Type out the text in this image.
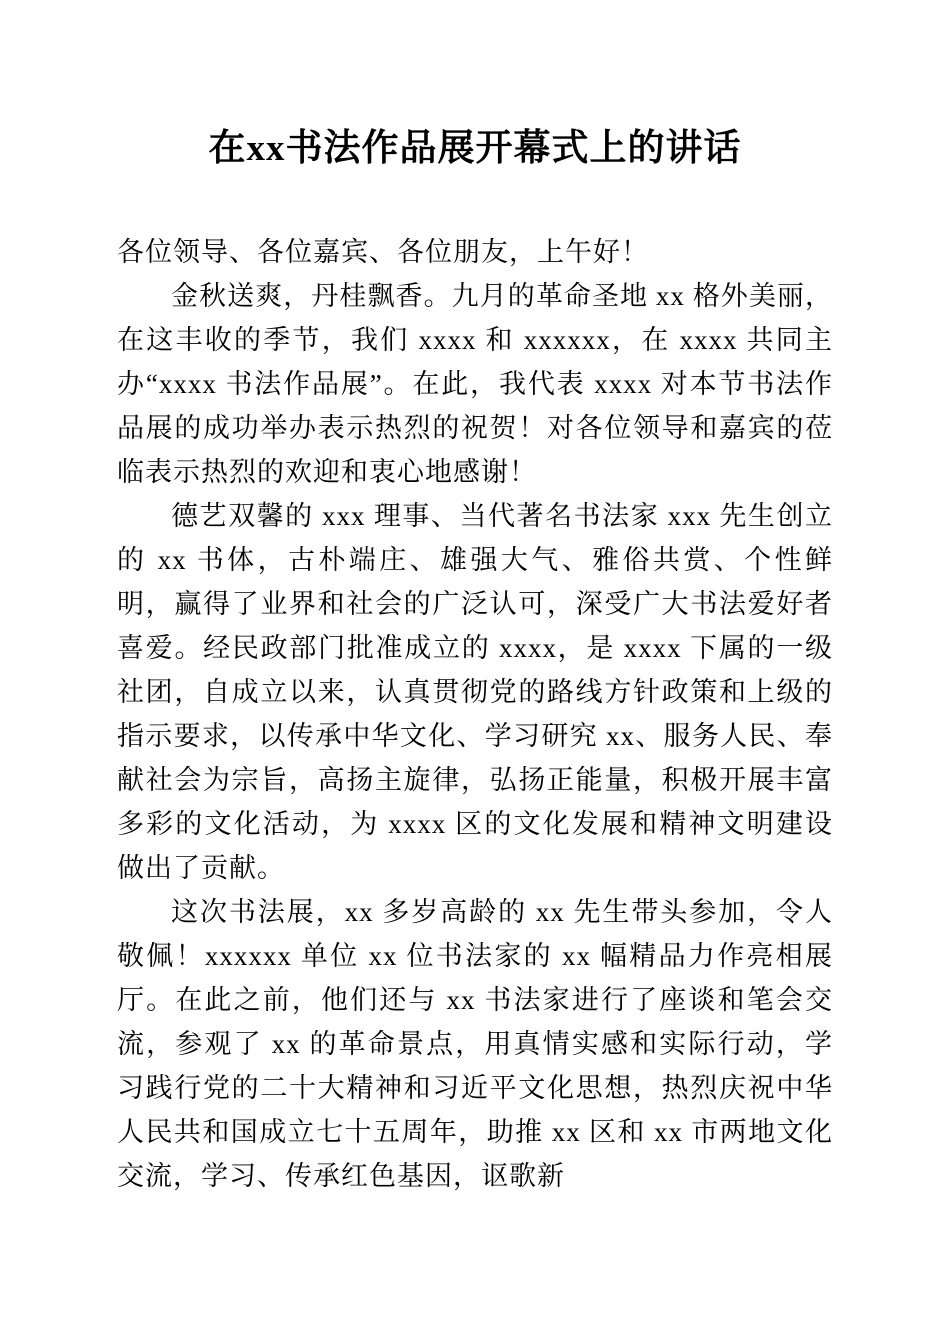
在xx书法作品展开幕式上的讲话

各位领导、各位嘉宾、各位朋友，上午好！

金秋送爽，丹桂飘香。九月的革命圣地 xx 格外美丽，在这丰收的季节，我们 xxxx 和 xxxxxx，在 xxxx 共同主办“xxxx 书法作品展”。在此，我代表 xxxx 对本节书法作品展的成功举办表示热烈的祝贺！对各位领导和嘉宾的莅临表示热烈的欢迎和衷心地感谢！

德艺双馨的 xxx 理事、当代著名书法家 xxx 先生创立的 xx 书体，古朴端庄、雄强大气、雅俗共赏、个性鲜明，赢得了业界和社会的广泛认可，深受广大书法爱好者喜爱。经民政部门批准成立的 xxxx，是 xxxx 下属的一级社团，自成立以来，认真贯彻党的路线方针政策和上级的指示要求，以传承中华文化、学习研究 xx、服务人民、奉献社会为宗旨，高扬主旋律，弘扬正能量，积极开展丰富多彩的文化活动，为 xxxx 区的文化发展和精神文明建设做出了贡献。

这次书法展，xx 多岁高龄的 xx 先生带头参加，令人敬佩！xxxxxx 单位 xx 位书法家的 xx 幅精品力作亮相展厅。在此之前，他们还与 xx 书法家进行了座谈和笔会交流，参观了 xx 的革命景点，用真情实感和实际行动，学习践行党的二十大精神和习近平文化思想，热烈庆祝中华人民共和国成立七十五周年，助推 xx 区和 xx 市两地文化交流，学习、传承红色基因，讴歌新
